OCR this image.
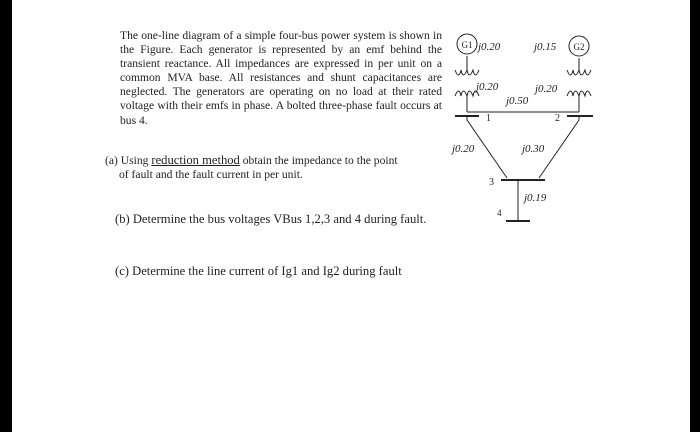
The one-line diagram of a simple four-bus power system is shown in the Figure. Each generator is represented by an emf behind the transient reactance. All impedances are expressed in per unit on a common MVA base. All resistances and shunt capacitances are neglected. The generators are operating on no load at their rated voltage with their emfs in phase. A bolted three-phase fault occurs at bus 4.
(a) Using reduction method obtain the impedance to the point
of fault and the fault current in per unit.
(b) Determine the bus voltages VBus 1,2,3 and 4 during fault.
(c) Determine the line current of Ig1 and Ig2 during fault
G1	G2
j0.20	j0.15
j0.20	j0.20
j0.50
1	2
j0.20	j0.30
3
j0.19
4
